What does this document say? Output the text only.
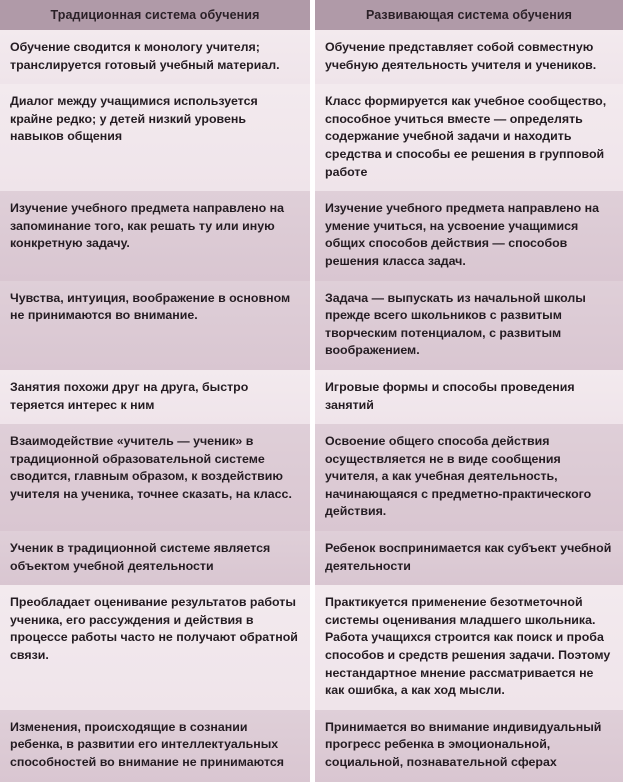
Традиционная система обучения		Развивающая система обучения

Обучение сводится к монологу учителя; транслируется готовый учебный материал.		Обучение представляет собой совместную учебную деятельность учителя и учеников.

Диалог между учащимися используется крайне редко; у детей низкий уровень навыков общения		Класс формируется как учебное сообщество, способное учиться вместе — определять содержание учебной задачи и находить средства и способы ее решения в групповой работе

Изучение учебного предмета направлено на запоминание того, как решать ту или иную конкретную задачу.		Изучение учебного предмета направлено на умение учиться, на усвоение учащимися общих способов действия — способов решения класса задач.

Чувства, интуиция, воображение в основном не принимаются во внимание.		Задача — выпускать из начальной школы прежде всего школьников с развитым творческим потенциалом, с развитым воображением.

Занятия похожи друг на друга, быстро теряется интерес к ним		Игровые формы и способы проведения занятий

Взаимодействие «учитель — ученик» в традиционной образовательной системе сводится, главным образом, к воздействию учителя на ученика, точнее сказать, на класс.		Освоение общего способа действия осуществляется не в виде сообщения учителя, а как учебная деятельность, начинающаяся с предметно-практического действия.

Ученик в традиционной системе является объектом учебной деятельности		Ребенок воспринимается как субъект учебной деятельности

Преобладает оценивание результатов работы ученика, его рассуждения и действия в процессе работы часто не получают обратной связи.		Практикуется применение безотметочной системы оценивания младшего школьника. Работа учащихся строится как поиск и проба способов и средств решения задачи. Поэтому нестандартное мнение рассматривается не как ошибка, а как ход мысли.

Изменения, происходящие в сознании ребенка, в развитии его интеллектуальных способностей во внимание не принимаются		Принимается во внимание индивидуальный прогресс ребенка в эмоциональной, социальной, познавательной сферах
